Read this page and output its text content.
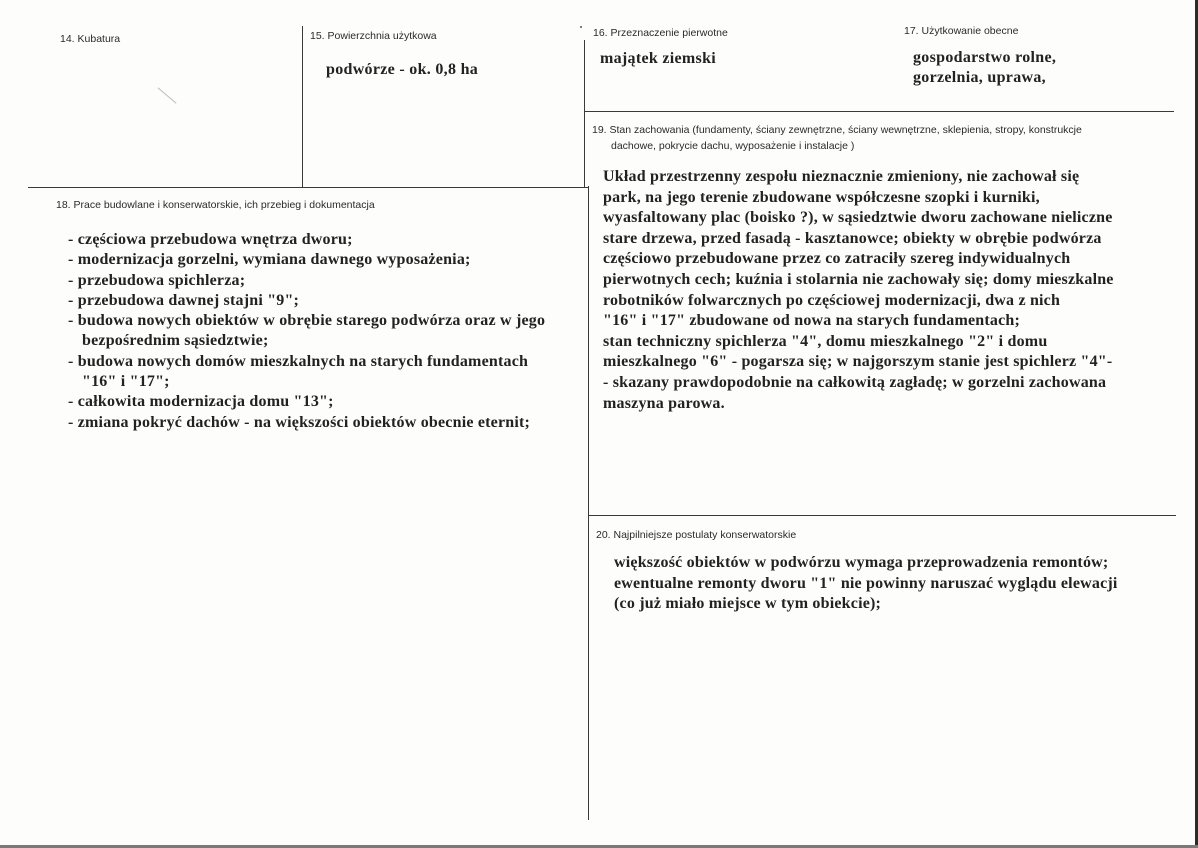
14. Kubatura	15. Powierzchnia użytkowa
podwórze - ok. 0,8 ha
16. Przeznaczenie pierwotne
majątek ziemski
17. Użytkowanie obecne
gospodarstwo rolne,
gorzelnia, uprawa,
18. Prace budowlane i konserwatorskie, ich przebieg i dokumentacja
- częściowa przebudowa wnętrza dworu;
- modernizacja gorzelni, wymiana dawnego wyposażenia;
- przebudowa spichlerza;
- przebudowa dawnej stajni "9";
- budowa nowych obiektów w obrębie starego podwórza oraz w jego
bezpośrednim sąsiedztwie;
- budowa nowych domów mieszkalnych na starych fundamentach
"16" i "17";
- całkowita modernizacja domu "13";
- zmiana pokryć dachów - na większości obiektów obecnie eternit;
19. Stan zachowania (fundamenty, ściany zewnętrzne, ściany wewnętrzne, sklepienia, stropy, konstrukcje
dachowe, pokrycie dachu, wyposażenie i instalacje )
Układ przestrzenny zespołu nieznacznie zmieniony, nie zachował się
park, na jego terenie zbudowane współczesne szopki i kurniki,
wyasfaltowany plac (boisko ?), w sąsiedztwie dworu zachowane nieliczne
stare drzewa, przed fasadą - kasztanowce; obiekty w obrębie podwórza
częściowo przebudowane przez co zatraciły szereg indywidualnych
pierwotnych cech; kuźnia i stolarnia nie zachowały się; domy mieszkalne
robotników folwarcznych po częściowej modernizacji, dwa z nich
"16" i "17" zbudowane od nowa na starych fundamentach;
stan techniczny spichlerza "4", domu mieszkalnego "2" i domu
mieszkalnego "6" - pogarsza się; w najgorszym stanie jest spichlerz "4"-
- skazany prawdopodobnie na całkowitą zagładę; w gorzelni zachowana
maszyna parowa.
20. Najpilniejsze postulaty konserwatorskie
większość obiektów w podwórzu wymaga przeprowadzenia remontów;
ewentualne remonty dworu "1" nie powinny naruszać wyglądu elewacji
(co już miało miejsce w tym obiekcie);
